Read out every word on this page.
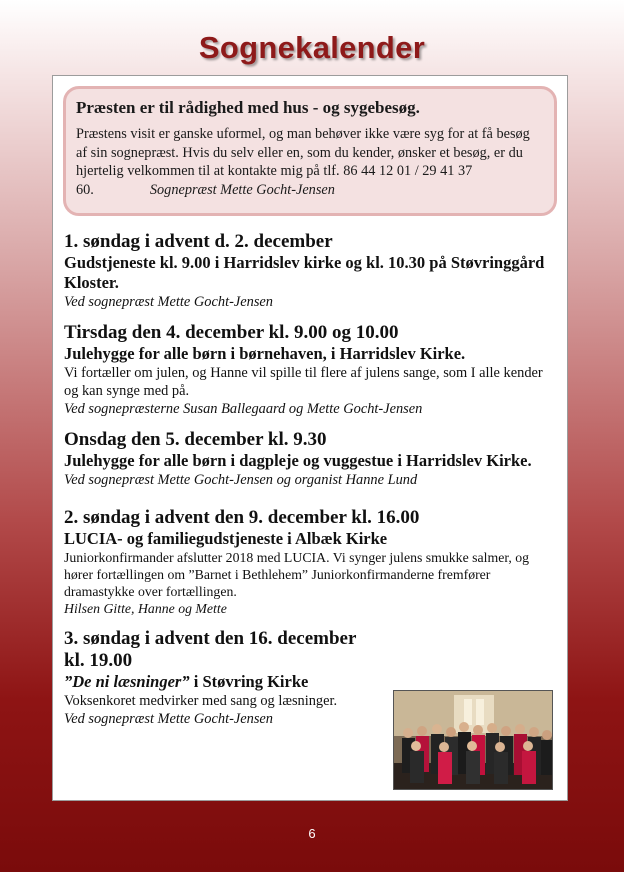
Sognekalender

Præsten er til rådighed med hus - og sygebesøg.

Præstens visit er ganske uformel, og man behøver ikke være syg for at få besøg af sin sognepræst. Hvis du selv eller en, som du kender, ønsker et besøg, er du hjertelig velkommen til at kontakte mig på tlf. 86 44 12 01 / 29 41 37 60.	Sognepræst Mette Gocht-Jensen

1. søndag i advent d. 2. december

Gudstjeneste kl. 9.00 i Harridslev kirke og kl. 10.30 på Støvringgård Kloster.

Ved sognepræst Mette Gocht-Jensen

Tirsdag den 4. december kl. 9.00 og 10.00

Julehygge for alle børn i børnehaven, i Harridslev Kirke.

Vi fortæller om julen, og Hanne vil spille til flere af julens sange, som I alle kender og kan synge med på.

Ved sognepræsterne Susan Ballegaard og Mette Gocht-Jensen

Onsdag den 5. december kl. 9.30

Julehygge for alle børn i dagpleje og vuggestue i Harridslev Kirke.

Ved sognepræst Mette Gocht-Jensen og organist Hanne Lund

2. søndag i advent den 9. december kl. 16.00

LUCIA- og familiegudstjeneste i Albæk Kirke

Juniorkonfirmander afslutter 2018 med LUCIA. Vi synger julens smukke salmer, og hører fortællingen om ”Barnet i Bethlehem” Juniorkonfirmanderne fremfører dramastykke over fortællingen.

Hilsen Gitte, Hanne og Mette

3. søndag i advent den 16. december kl. 19.00

”De ni læsninger” i Støvring Kirke

Voksenkoret medvirker med sang og læsninger.

Ved sognepræst Mette Gocht-Jensen

6
